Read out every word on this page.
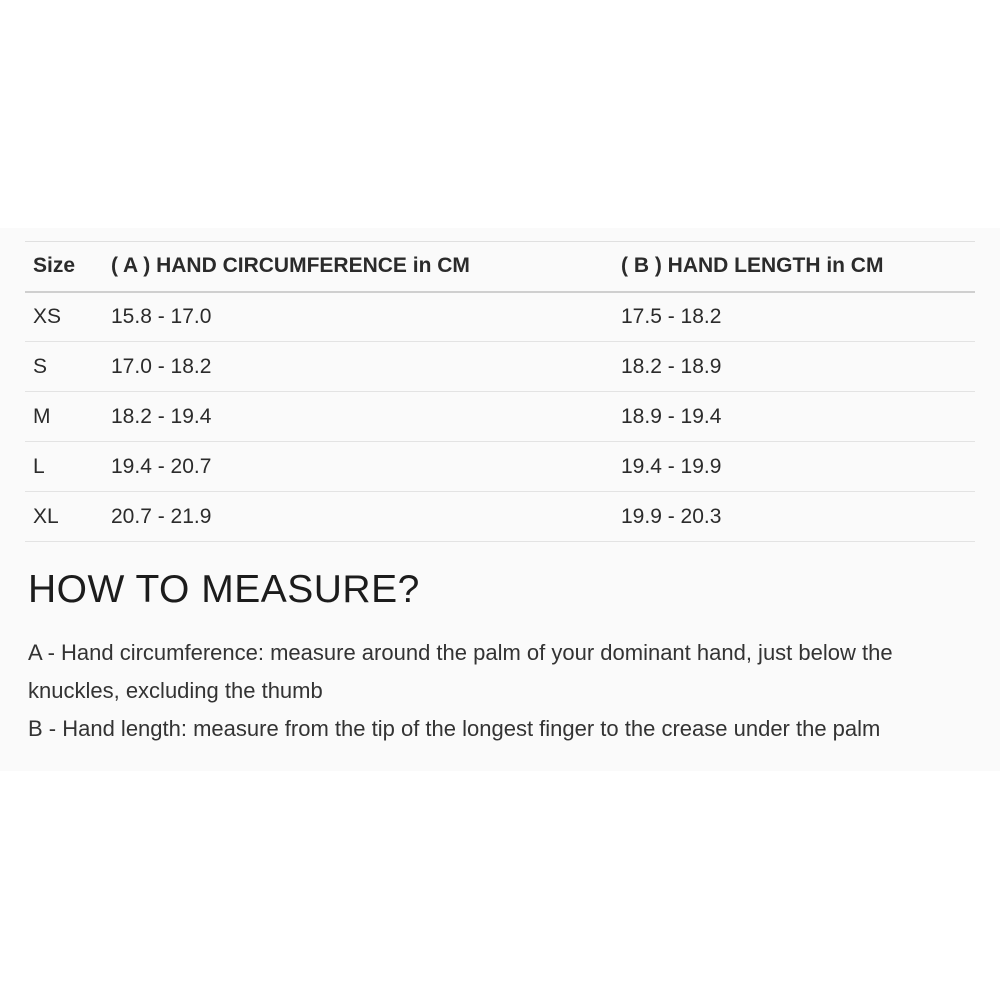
Size	( A ) HAND CIRCUMFERENCE in CM	( B ) HAND LENGTH in CM
XS	15.8 - 17.0	17.5 - 18.2
S	17.0 - 18.2	18.2 - 18.9
M	18.2 - 19.4	18.9 - 19.4
L	19.4 - 20.7	19.4 - 19.9
XL	20.7 - 21.9	19.9 - 20.3
HOW TO MEASURE?

A - Hand circumference: measure around the palm of your dominant hand, just below the knuckles, excluding the thumb

B - Hand length: measure from the tip of the longest finger to the crease under the palm
